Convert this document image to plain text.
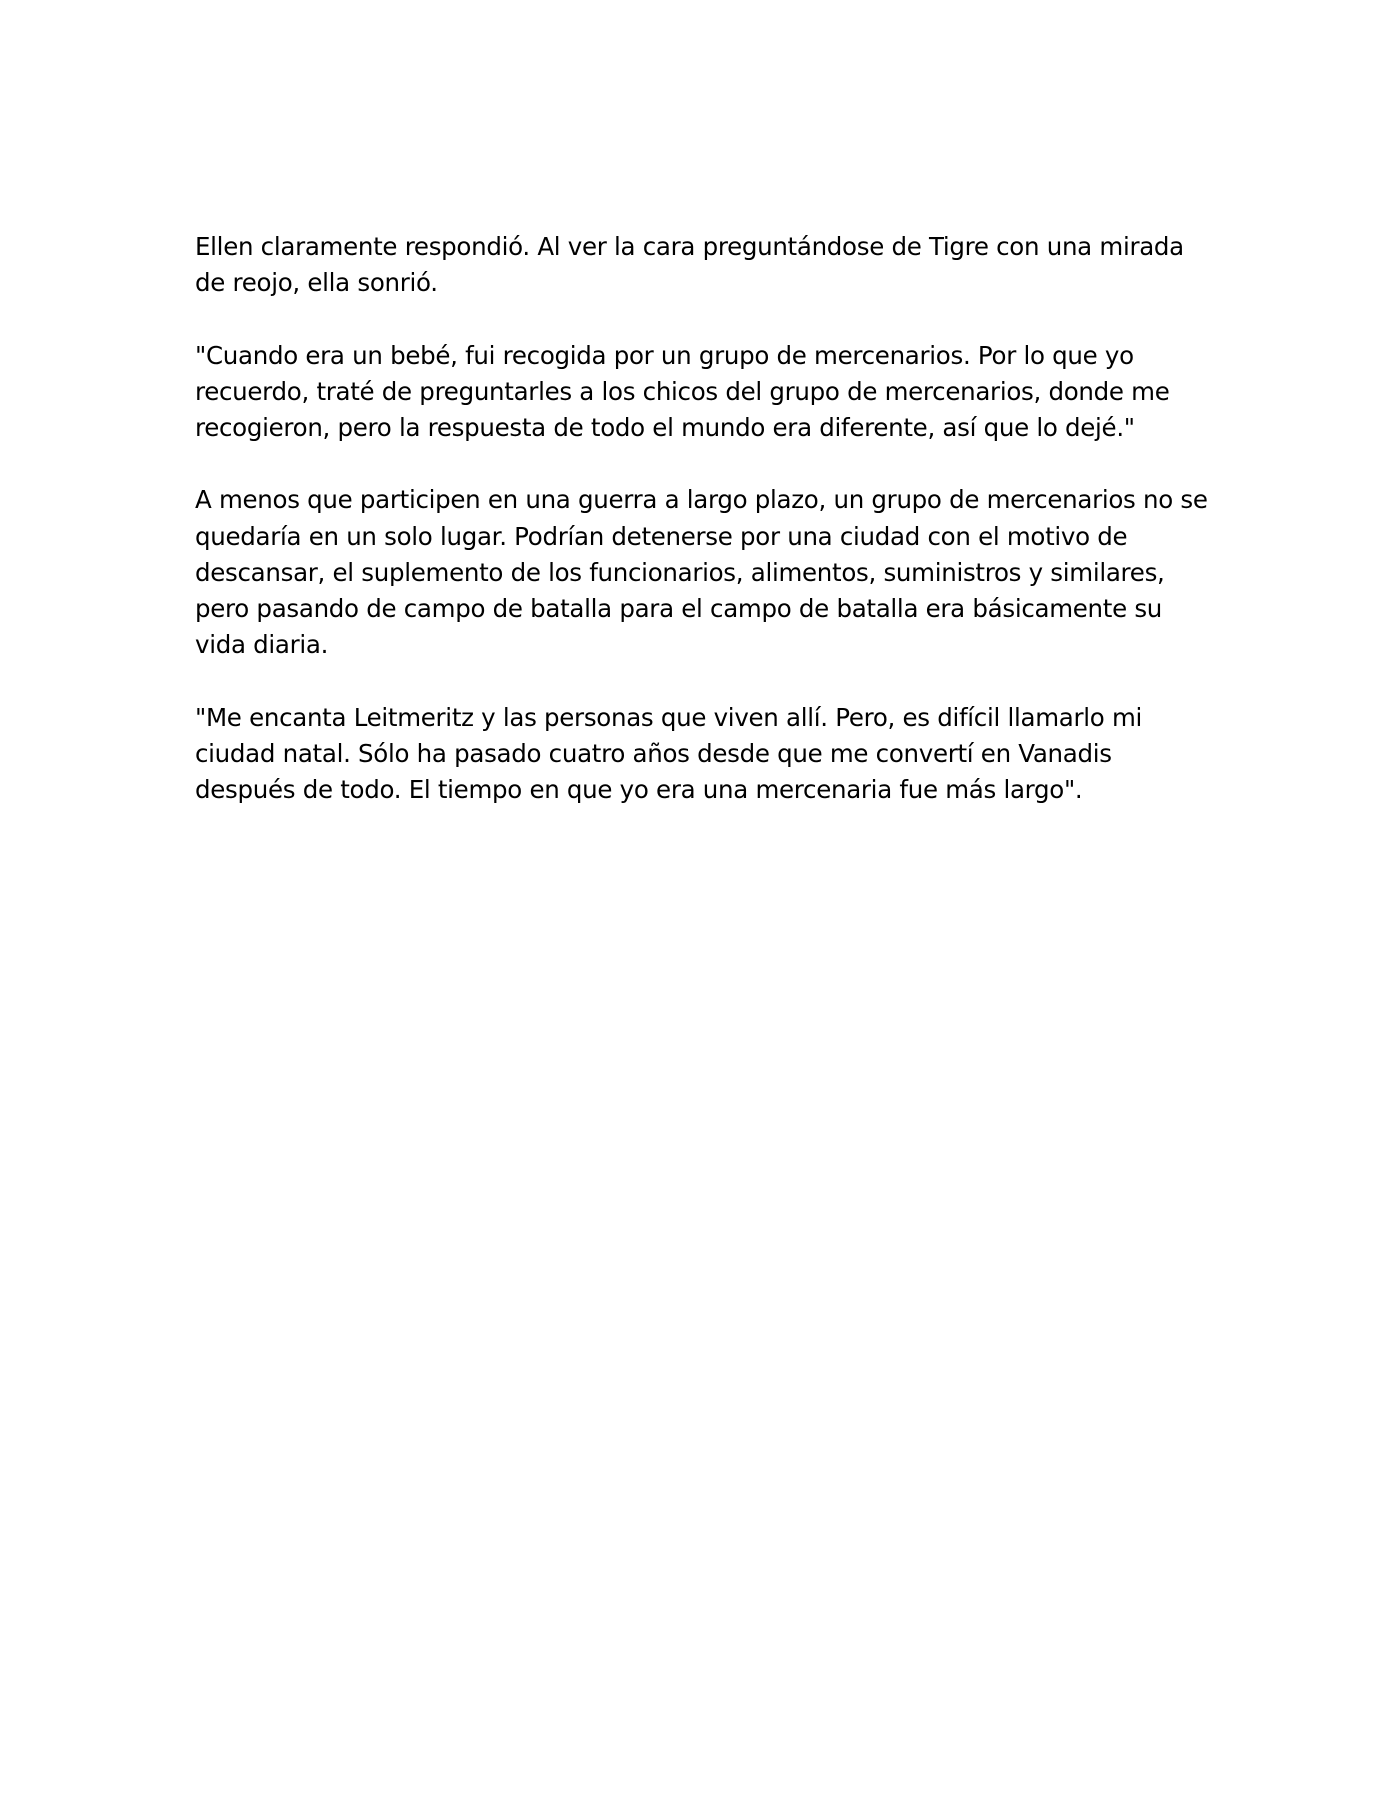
Ellen claramente respondió. Al ver la cara preguntándose de Tigre con una mirada de reojo, ella sonrió.

"Cuando era un bebé, fui recogida por un grupo de mercenarios. Por lo que yo recuerdo, traté de preguntarles a los chicos del grupo de mercenarios, donde me recogieron, pero la respuesta de todo el mundo era diferente, así que lo dejé."

A menos que participen en una guerra a largo plazo, un grupo de mercenarios no se quedaría en un solo lugar. Podrían detenerse por una ciudad con el motivo de descansar, el suplemento de los funcionarios, alimentos, suministros y similares, pero pasando de campo de batalla para el campo de batalla era básicamente su vida diaria.

"Me encanta Leitmeritz y las personas que viven allí. Pero, es difícil llamarlo mi ciudad natal. Sólo ha pasado cuatro años desde que me convertí en Vanadis después de todo. El tiempo en que yo era una mercenaria fue más largo".
